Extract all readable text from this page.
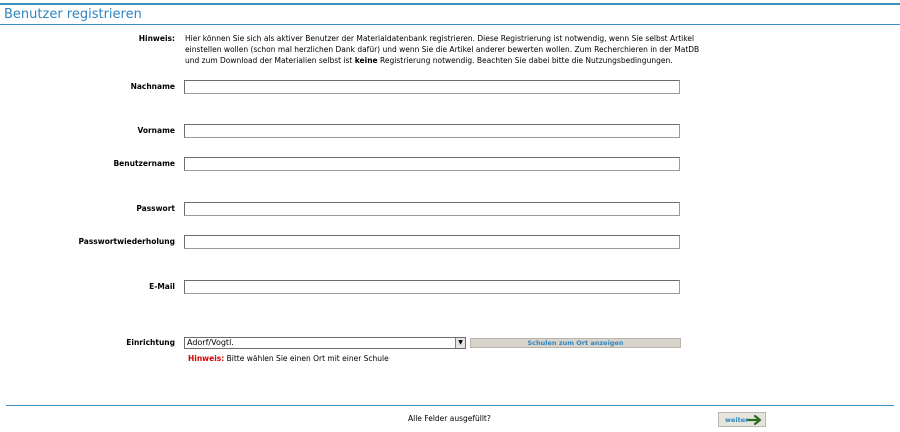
Benutzer registrieren
Hinweis: Hier können Sie sich als aktiver Benutzer der Materialdatenbank registrieren. Diese Registrierung ist notwendig, wenn Sie selbst Artikel einstellen wollen (schon mal herzlichen Dank dafür) und wenn Sie die Artikel anderer bewerten wollen. Zum Recherchieren in der MatDB und zum Download der Materialien selbst ist keine Registrierung notwendig. Beachten Sie dabei bitte die Nutzungsbedingungen.
Nachname
Vorname
Benutzername
Passwort
Passwortwiederholung
E-Mail
Einrichtung	Adorf/Vogtl.	▼	Schulen zum Ort anzeigen
Hinweis: Bitte wählen Sie einen Ort mit einer Schule
Alle Felder ausgefüllt?	weiter
